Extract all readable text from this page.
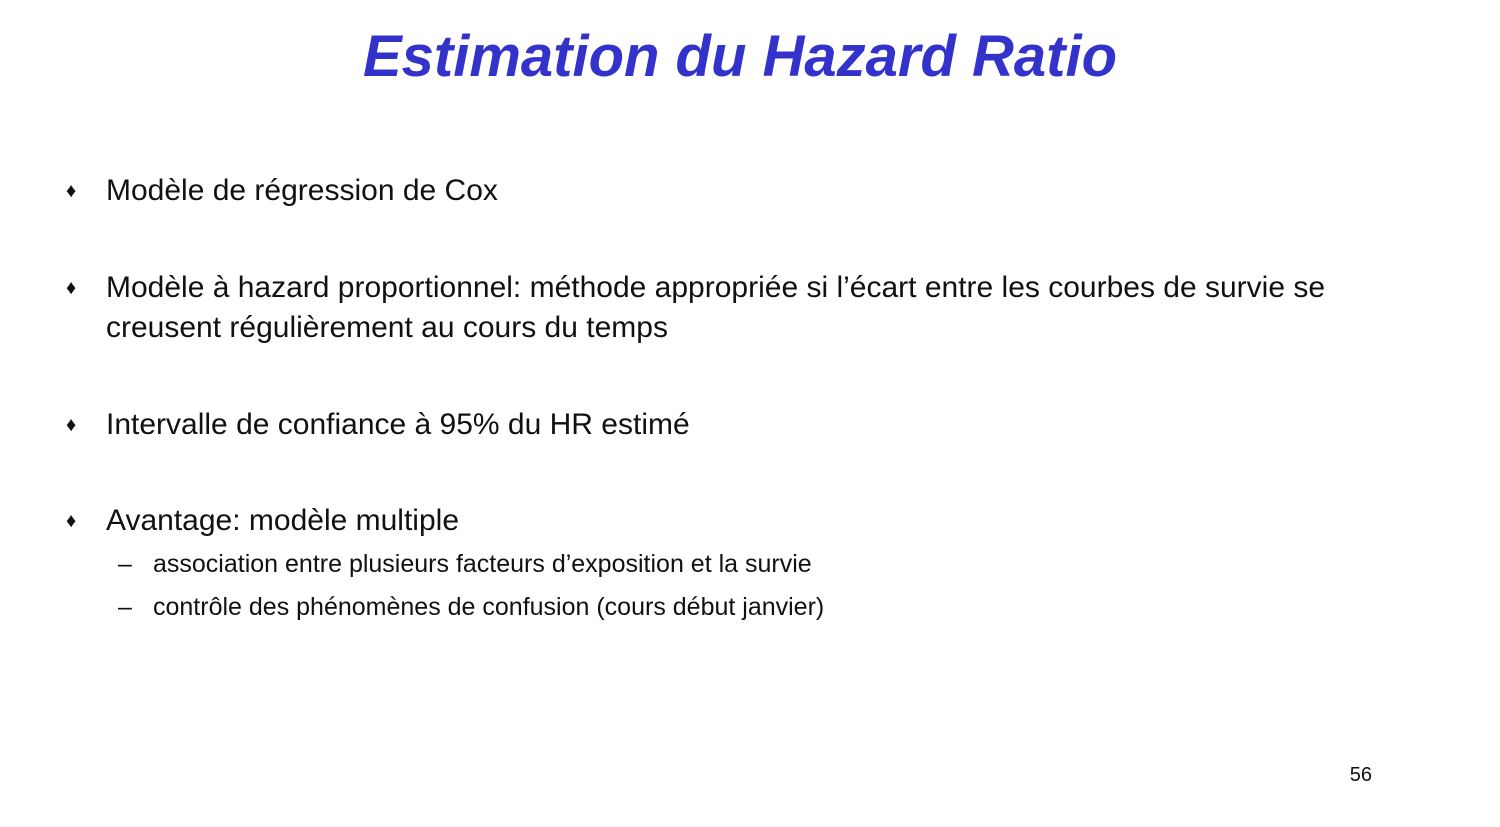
Estimation du Hazard Ratio
♦ Modèle de régression de Cox
♦ Modèle à hazard proportionnel: méthode appropriée si l’écart entre les courbes de survie se creusent régulièrement au cours du temps
♦ Intervalle de confiance à 95% du HR estimé
♦ Avantage: modèle multiple
– association entre plusieurs facteurs d’exposition et la survie
– contrôle des phénomènes de confusion (cours début janvier)
56
